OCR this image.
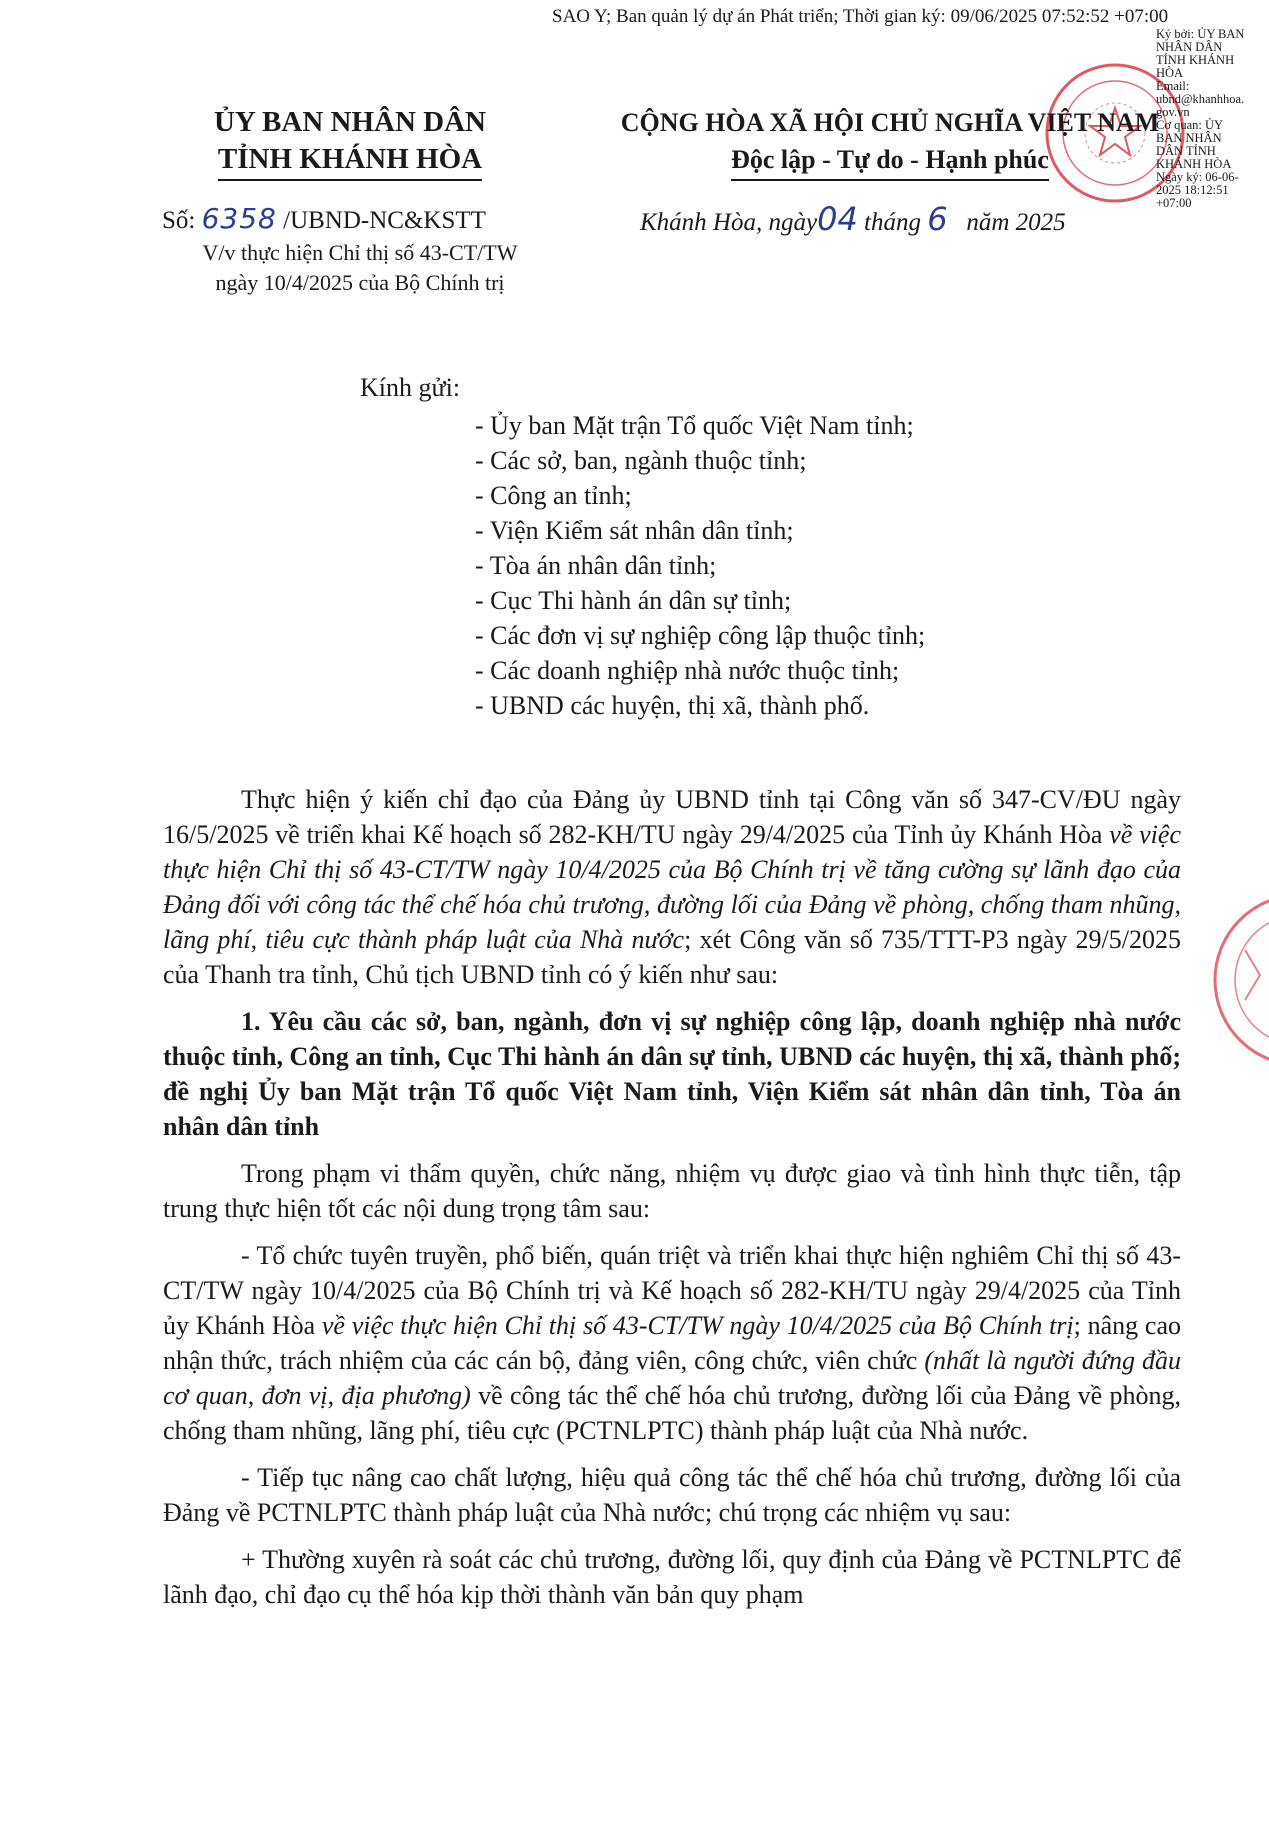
SAO Y; Ban quản lý dự án Phát triển; Thời gian ký: 09/06/2025 07:52:52 +07:00
Ký bởi: ỦY BAN
NHÂN DÂN
TỈNH KHÁNH
HÒA
Email:
ubnd@khanhhoa.
gov.vn
Cơ quan: ỦY
BAN NHÂN
DÂN TỈNH
KHÁNH HÒA
Ngày ký: 06-06-
2025 18:12:51
+07:00
ỦY BAN NHÂN DÂN
TỈNH KHÁNH HÒA
CỘNG HÒA XÃ HỘI CHỦ NGHĨA VIỆT NAM
Độc lập - Tự do - Hạnh phúc
Số: 6358 /UBND-NC&KSTT
V/v thực hiện Chỉ thị số 43-CT/TW
ngày 10/4/2025 của Bộ Chính trị
Khánh Hòa, ngày04 tháng 6 năm 2025
Kính gửi:
- Ủy ban Mặt trận Tổ quốc Việt Nam tỉnh;
- Các sở, ban, ngành thuộc tỉnh;
- Công an tỉnh;
- Viện Kiểm sát nhân dân tỉnh;
- Tòa án nhân dân tỉnh;
- Cục Thi hành án dân sự tỉnh;
- Các đơn vị sự nghiệp công lập thuộc tỉnh;
- Các doanh nghiệp nhà nước thuộc tỉnh;
- UBND các huyện, thị xã, thành phố.

Thực hiện ý kiến chỉ đạo của Đảng ủy UBND tỉnh tại Công văn số 347-CV/ĐU ngày 16/5/2025 về triển khai Kế hoạch số 282-KH/TU ngày 29/4/2025 của Tỉnh ủy Khánh Hòa về việc thực hiện Chỉ thị số 43-CT/TW ngày 10/4/2025 của Bộ Chính trị về tăng cường sự lãnh đạo của Đảng đối với công tác thể chế hóa chủ trương, đường lối của Đảng về phòng, chống tham nhũng, lãng phí, tiêu cực thành pháp luật của Nhà nước; xét Công văn số 735/TTT-P3 ngày 29/5/2025 của Thanh tra tỉnh, Chủ tịch UBND tỉnh có ý kiến như sau:

1. Yêu cầu các sở, ban, ngành, đơn vị sự nghiệp công lập, doanh nghiệp nhà nước thuộc tỉnh, Công an tỉnh, Cục Thi hành án dân sự tỉnh, UBND các huyện, thị xã, thành phố; đề nghị Ủy ban Mặt trận Tổ quốc Việt Nam tỉnh, Viện Kiểm sát nhân dân tỉnh, Tòa án nhân dân tỉnh

Trong phạm vi thẩm quyền, chức năng, nhiệm vụ được giao và tình hình thực tiễn, tập trung thực hiện tốt các nội dung trọng tâm sau:

- Tổ chức tuyên truyền, phổ biến, quán triệt và triển khai thực hiện nghiêm Chỉ thị số 43-CT/TW ngày 10/4/2025 của Bộ Chính trị và Kế hoạch số 282-KH/TU ngày 29/4/2025 của Tỉnh ủy Khánh Hòa về việc thực hiện Chỉ thị số 43-CT/TW ngày 10/4/2025 của Bộ Chính trị; nâng cao nhận thức, trách nhiệm của các cán bộ, đảng viên, công chức, viên chức (nhất là người đứng đầu cơ quan, đơn vị, địa phương) về công tác thể chế hóa chủ trương, đường lối của Đảng về phòng, chống tham nhũng, lãng phí, tiêu cực (PCTNLPTC) thành pháp luật của Nhà nước.

- Tiếp tục nâng cao chất lượng, hiệu quả công tác thể chế hóa chủ trương, đường lối của Đảng về PCTNLPTC thành pháp luật của Nhà nước; chú trọng các nhiệm vụ sau:

+ Thường xuyên rà soát các chủ trương, đường lối, quy định của Đảng về PCTNLPTC để lãnh đạo, chỉ đạo cụ thể hóa kịp thời thành văn bản quy phạm
